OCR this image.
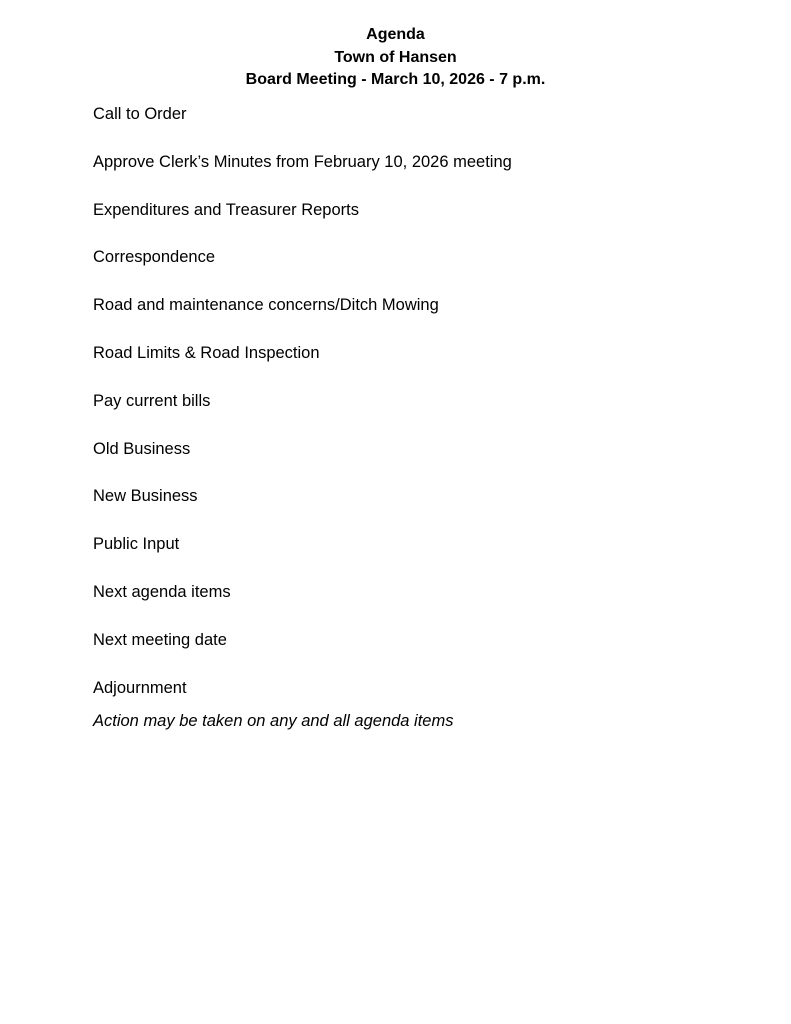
Agenda

Town of Hansen

Board Meeting - March 10, 2026 - 7 p.m.

Call to Order
Approve Clerk’s Minutes from February 10, 2026 meeting
Expenditures and Treasurer Reports
Correspondence
Road and maintenance concerns/Ditch Mowing
Road Limits & Road Inspection
Pay current bills
Old Business
New Business
Public Input
Next agenda items
Next meeting date
Adjournment

Action may be taken on any and all agenda items
